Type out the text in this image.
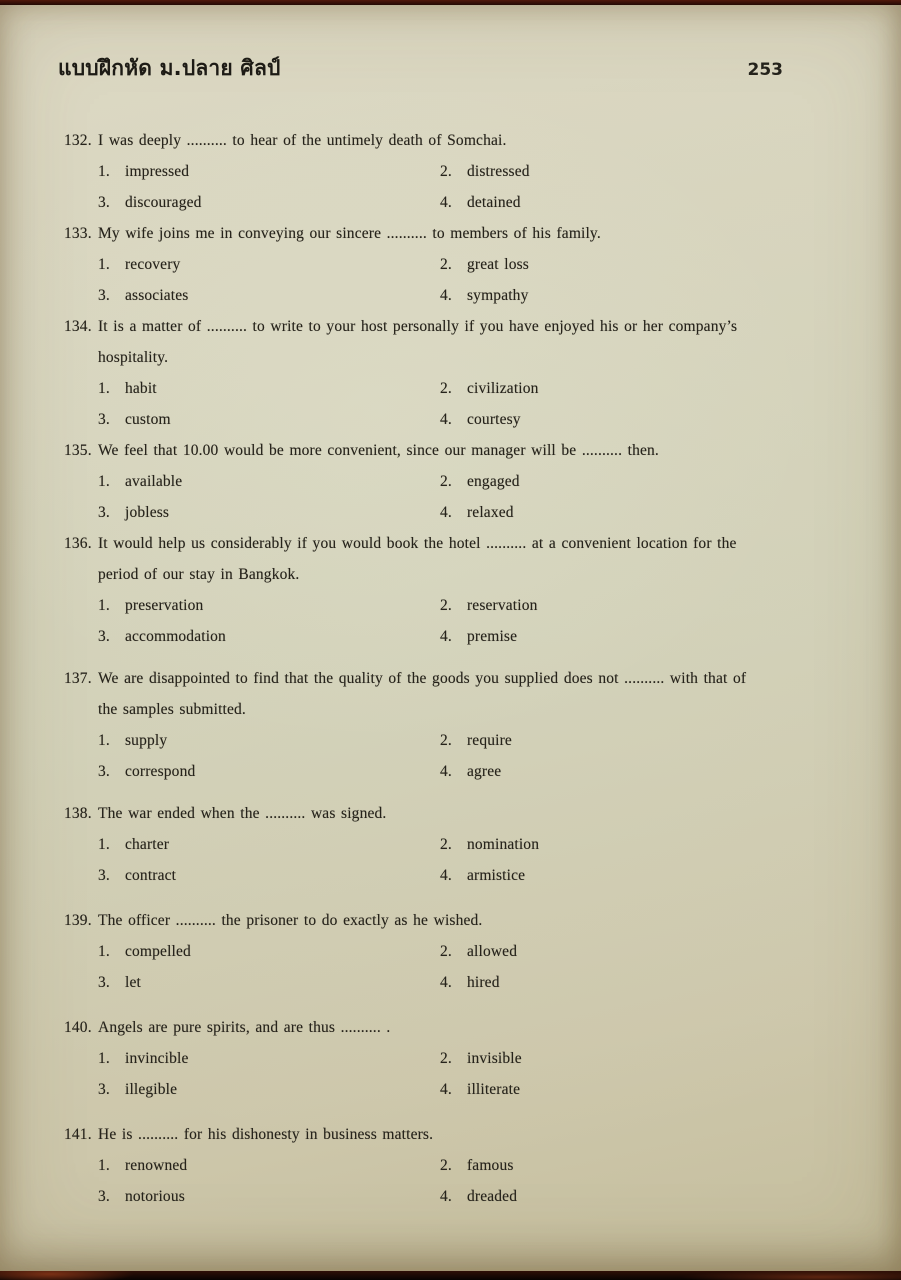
แบบฝึกหัด ม.ปลาย ศิลป์	253
132. I was deeply .......... to hear of the untimely death of Somchai.
1. impressed	2. distressed
3. discouraged	4. detained
133. My wife joins me in conveying our sincere .......... to members of his family.
1. recovery	2. great loss
3. associates	4. sympathy
134. It is a matter of .......... to write to your host personally if you have enjoyed his or her company’s
hospitality.
1. habit	2. civilization
3. custom	4. courtesy
135. We feel that 10.00 would be more convenient, since our manager will be .......... then.
1. available	2. engaged
3. jobless	4. relaxed
136. It would help us considerably if you would book the hotel .......... at a convenient location for the
period of our stay in Bangkok.
1. preservation	2. reservation
3. accommodation	4. premise
137. We are disappointed to find that the quality of the goods you supplied does not .......... with that of
the samples submitted.
1. supply	2. require
3. correspond	4. agree
138. The war ended when the .......... was signed.
1. charter	2. nomination
3. contract	4. armistice
139. The officer .......... the prisoner to do exactly as he wished.
1. compelled	2. allowed
3. let	4. hired
140. Angels are pure spirits, and are thus .......... .
1. invincible	2. invisible
3. illegible	4. illiterate
141. He is .......... for his dishonesty in business matters.
1. renowned	2. famous
3. notorious	4. dreaded
